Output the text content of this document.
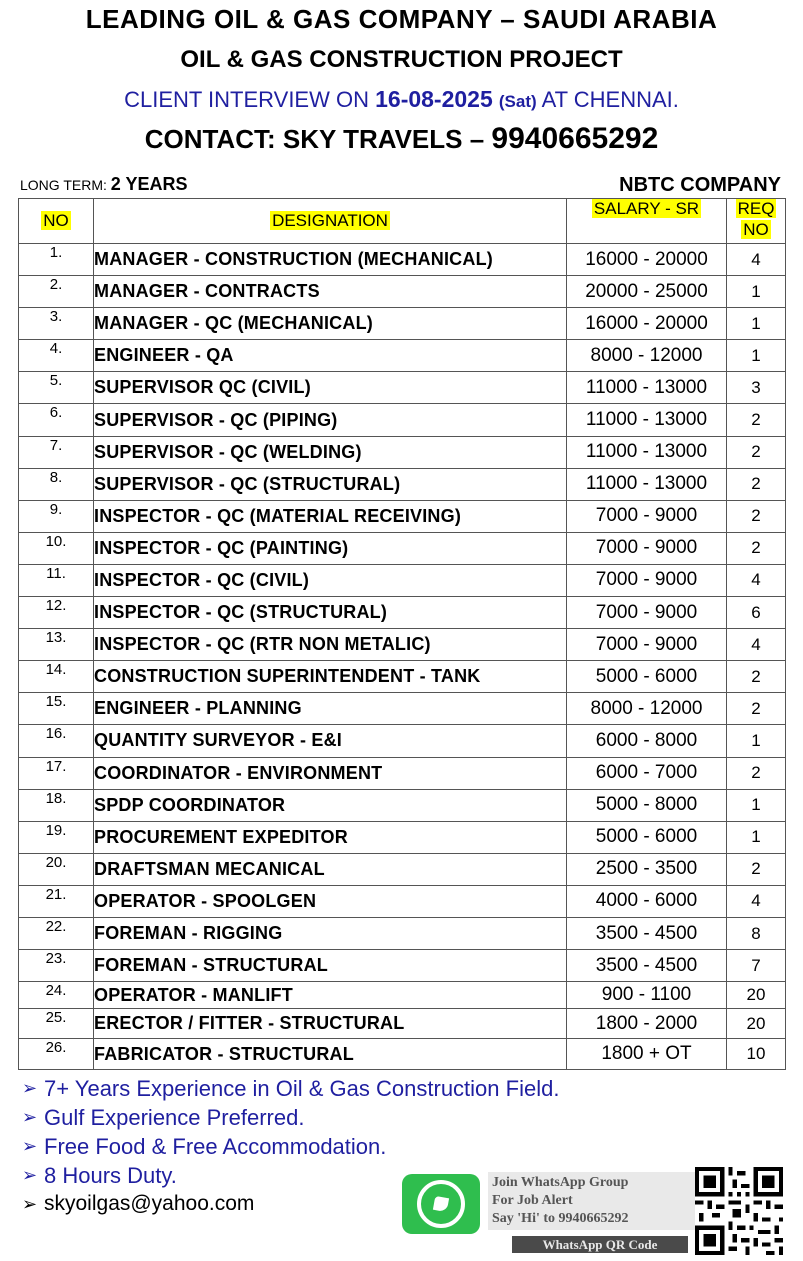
LEADING OIL & GAS COMPANY – SAUDI ARABIA
OIL & GAS CONSTRUCTION PROJECT
CLIENT INTERVIEW ON 16-08-2025 (Sat) AT CHENNAI.
CONTACT: SKY TRAVELS – 9940665292
LONG TERM: 2 YEARS	NBTC COMPANY
NO	DESIGNATION	SALARY - SR	REQ
NO
1.	MANAGER - CONSTRUCTION (MECHANICAL)	16000 - 20000	4
2.	MANAGER - CONTRACTS	20000 - 25000	1
3.	MANAGER - QC (MECHANICAL)	16000 - 20000	1
4.	ENGINEER - QA	8000 - 12000	1
5.	SUPERVISOR QC (CIVIL)	11000 - 13000	3
6.	SUPERVISOR - QC (PIPING)	11000 - 13000	2
7.	SUPERVISOR - QC (WELDING)	11000 - 13000	2
8.	SUPERVISOR - QC (STRUCTURAL)	11000 - 13000	2
9.	INSPECTOR - QC (MATERIAL RECEIVING)	7000 - 9000	2
10.	INSPECTOR - QC (PAINTING)	7000 - 9000	2
11.	INSPECTOR - QC (CIVIL)	7000 - 9000	4
12.	INSPECTOR - QC (STRUCTURAL)	7000 - 9000	6
13.	INSPECTOR - QC (RTR NON METALIC)	7000 - 9000	4
14.	CONSTRUCTION SUPERINTENDENT - TANK	5000 - 6000	2
15.	ENGINEER - PLANNING	8000 - 12000	2
16.	QUANTITY SURVEYOR - E&I	6000 - 8000	1
17.	COORDINATOR - ENVIRONMENT	6000 - 7000	2
18.	SPDP COORDINATOR	5000 - 8000	1
19.	PROCUREMENT EXPEDITOR	5000 - 6000	1
20.	DRAFTSMAN MECANICAL	2500 - 3500	2
21.	OPERATOR - SPOOLGEN	4000 - 6000	4
22.	FOREMAN - RIGGING	3500 - 4500	8
23.	FOREMAN - STRUCTURAL	3500 - 4500	7
24.	OPERATOR - MANLIFT	900 - 1100	20
25.	ERECTOR / FITTER - STRUCTURAL	1800 - 2000	20
26.	FABRICATOR - STRUCTURAL	1800 + OT	10
➢ 7+ Years Experience in Oil & Gas Construction Field.
➢ Gulf Experience Preferred.
➢ Free Food & Free Accommodation.
➢ 8 Hours Duty.
➢ skyoilgas@yahoo.com
Join WhatsApp Group
For Job Alert
Say 'Hi' to 9940665292
WhatsApp QR Code
